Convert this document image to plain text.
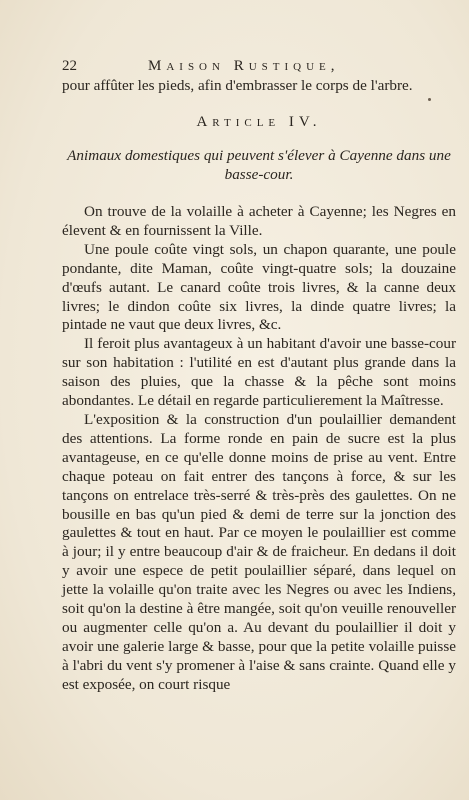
22	Maison Rustique,

pour affûter les pieds, afin d'embrasser le corps de l'arbre.

Article IV.
Animaux domestiques qui peuvent s'élever à Cayenne dans une basse-cour.

On trouve de la volaille à acheter à Cayenne; les Negres en élevent & en fournissent la Ville.

Une poule coûte vingt sols, un chapon quarante, une poule pondante, dite Maman, coûte vingt-quatre sols; la douzaine d'œufs autant. Le canard coûte trois livres, & la canne deux livres; le dindon coûte six livres, la dinde quatre livres; la pintade ne vaut que deux livres, &c.

Il feroit plus avantageux à un habitant d'avoir une basse-cour sur son habitation : l'utilité en est d'autant plus grande dans la saison des pluies, que la chasse & la pêche sont moins abondantes. Le détail en regarde particulierement la Maîtresse.

L'exposition & la construction d'un poulaillier demandent des attentions. La forme ronde en pain de sucre est la plus avantageuse, en ce qu'elle donne moins de prise au vent. Entre chaque poteau on fait entrer des tançons à force, & sur les tançons on entrelace très-serré & très-près des gaulettes. On ne bousille en bas qu'un pied & demi de terre sur la jonction des gaulettes & tout en haut. Par ce moyen le poulaillier est comme à jour; il y entre beaucoup d'air & de fraicheur. En dedans il doit y avoir une espece de petit poulaillier séparé, dans lequel on jette la volaille qu'on traite avec les Negres ou avec les Indiens, soit qu'on la destine à être mangée, soit qu'on veuille renouveller ou augmenter celle qu'on a. Au devant du poulaillier il doit y avoir une galerie large & basse, pour que la petite volaille puisse à l'abri du vent s'y promener à l'aise & sans crainte. Quand elle y est exposée, on court risque
